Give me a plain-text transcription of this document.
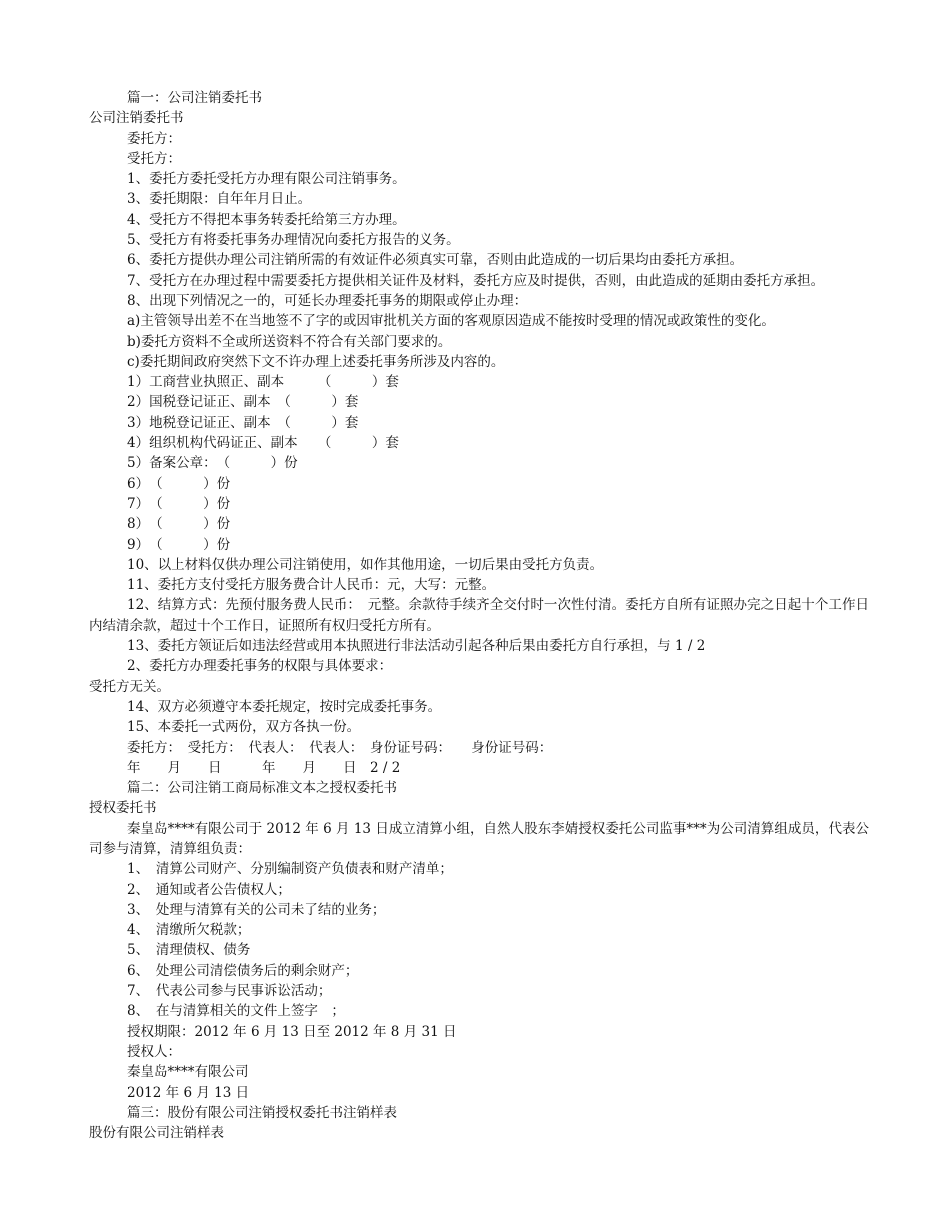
篇一：公司注销委托书
公司注销委托书
委托方：
受托方：
1、委托方委托受托方办理有限公司注销事务。
3、委托期限：自年年月日止。
4、受托方不得把本事务转委托给第三方办理。
5、受托方有将委托事务办理情况向委托方报告的义务。
6、委托方提供办理公司注销所需的有效证件必须真实可靠，否则由此造成的一切后果均由委托方承担。
7、受托方在办理过程中需要委托方提供相关证件及材料，委托方应及时提供，否则，由此造成的延期由委托方承担。
8、出现下列情况之一的，可延长办理委托事务的期限或停止办理：
a)主管领导出差不在当地签不了字的或因审批机关方面的客观原因造成不能按时受理的情况或政策性的变化。
b)委托方资料不全或所送资料不符合有关部门要求的。
c)委托期间政府突然下文不许办理上述委托事务所涉及内容的。
1）工商营业执照正、副本　　　（　　　）套
2）国税登记证正、副本　（　　　）套
3）地税登记证正、副本　（　　　）套
4）组织机构代码证正、副本　　（　　　）套
5）备案公章：　（　　　）份
6）　（　　　）份
7）　（　　　）份
8）　（　　　）份
9）　（　　　）份
10、以上材料仅供办理公司注销使用，如作其他用途，一切后果由受托方负责。
11、委托方支付受托方服务费合计人民币：元，大写：元整。
12、结算方式：先预付服务费人民币：　元整。余款待手续齐全交付时一次性付清。委托方自所有证照办完之日起十个工作日内结清余款，超过十个工作日，证照所有权归受托方所有。
13、委托方领证后如违法经营或用本执照进行非法活动引起各种后果由委托方自行承担，与 1 / 2
2、委托方办理委托事务的权限与具体要求：
受托方无关。
14、双方必须遵守本委托规定，按时完成委托事务。
15、本委托一式两份，双方各执一份。
委托方：　受托方：　代表人：　代表人：　身份证号码：　　身份证号码：
年　　月　　日　　　年　　月　　日　2 / 2
篇二：公司注销工商局标准文本之授权委托书
授权委托书
秦皇岛****有限公司于 2012 年 6 月 13 日成立清算小组，自然人股东李婧授权委托公司监事***为公司清算组成员，代表公司参与清算，清算组负责：
1、　清算公司财产、分别编制资产负债表和财产清单；
2、　通知或者公告债权人；
3、　处理与清算有关的公司未了结的业务；
4、　清缴所欠税款；
5、　清理债权、债务
6、　处理公司清偿债务后的剩余财产；
7、　代表公司参与民事诉讼活动；
8、　在与清算相关的文件上签字　；
授权期限：2012 年 6 月 13 日至 2012 年 8 月 31 日
授权人：
秦皇岛****有限公司
2012 年 6 月 13 日
篇三：股份有限公司注销授权委托书注销样表
股份有限公司注销样表
